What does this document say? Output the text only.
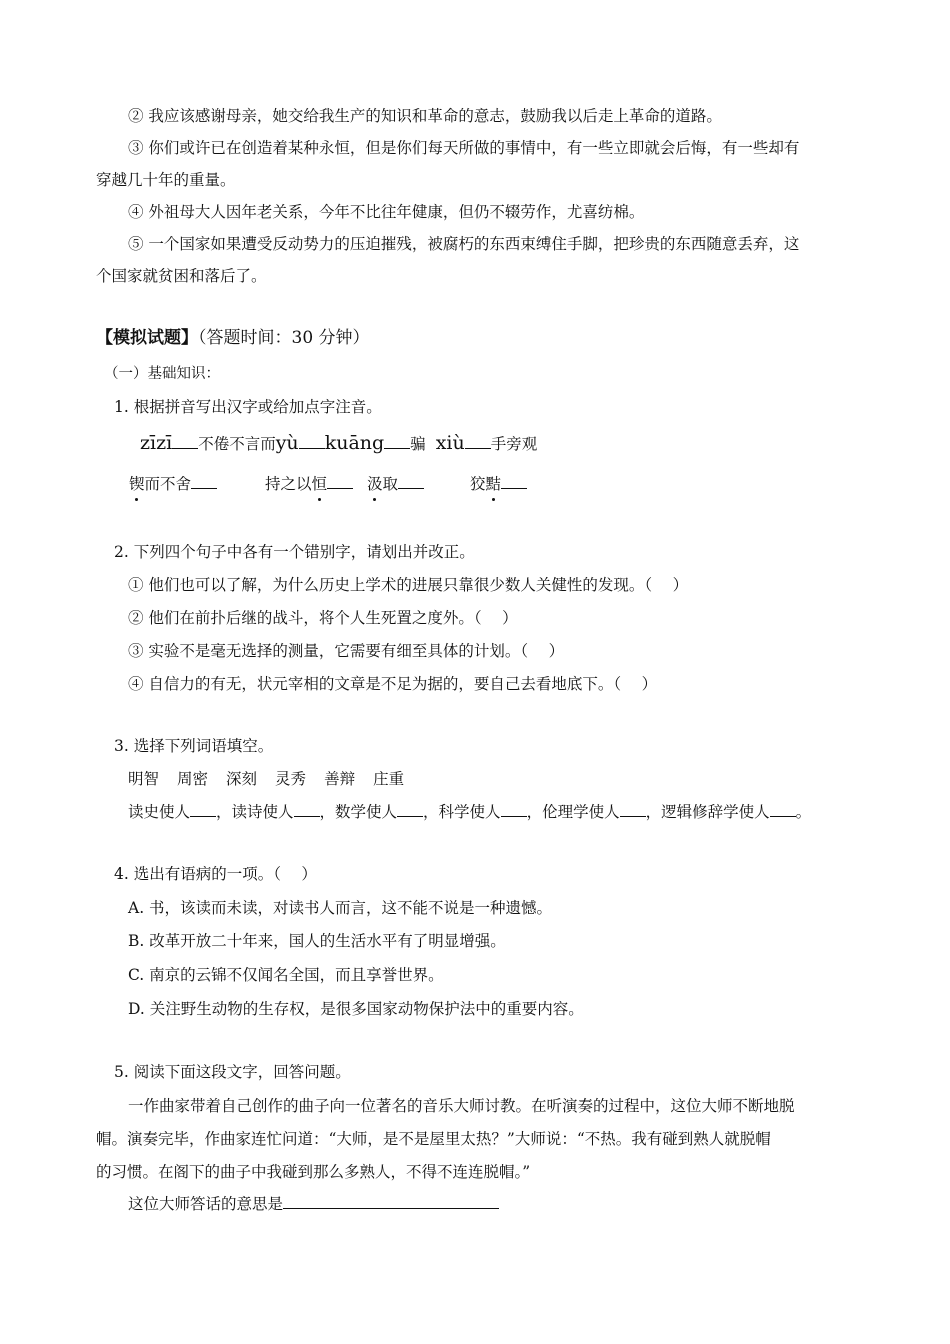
② 我应该感谢母亲，她交给我生产的知识和革命的意志，鼓励我以后走上革命的道路。
③ 你们或许已在创造着某种永恒，但是你们每天所做的事情中，有一些立即就会后悔，有一些却有
穿越几十年的重量。
④ 外祖母大人因年老关系，今年不比往年健康，但仍不辍劳作，尤喜纺棉。
⑤ 一个国家如果遭受反动势力的压迫摧残，被腐朽的东西束缚住手脚，把珍贵的东西随意丢弃，这
个国家就贫困和落后了。
【模拟试题】（答题时间：30 分钟）
（一）基础知识：
1. 根据拼音写出汉字或给加点字注音。
zīzī 不倦不言而yù kuāng 骗 xiù 手旁观
锲而不舍	持之以恒	汲取	狡黠
2. 下列四个句子中各有一个错别字，请划出并改正。
① 他们也可以了解，为什么历史上学术的进展只靠很少数人关健性的发现。（　 ）
② 他们在前扑后继的战斗，将个人生死置之度外。（　 ）
③ 实验不是毫无选择的测量，它需要有细至具体的计划。（　 ）
④ 自信力的有无，状元宰相的文章是不足为据的，要自己去看地底下。（　 ）
3. 选择下列词语填空。
明智 周密 深刻 灵秀 善辩 庄重
读史使人 ，读诗使人 ，数学使人 ，科学使人 ，伦理学使人 ，逻辑修辞学使人 。
4. 选出有语病的一项。（　 ）
A. 书，该读而未读，对读书人而言，这不能不说是一种遗憾。
B. 改革开放二十年来，国人的生活水平有了明显增强。
C. 南京的云锦不仅闻名全国，而且享誉世界。
D. 关注野生动物的生存权，是很多国家动物保护法中的重要内容。
5. 阅读下面这段文字，回答问题。
一作曲家带着自己创作的曲子向一位著名的音乐大师讨教。在听演奏的过程中，这位大师不断地脱
帽。演奏完毕，作曲家连忙问道：“大师，是不是屋里太热？”大师说：“不热。我有碰到熟人就脱帽
的习惯。在阁下的曲子中我碰到那么多熟人，不得不连连脱帽。”
这位大师答话的意思是
